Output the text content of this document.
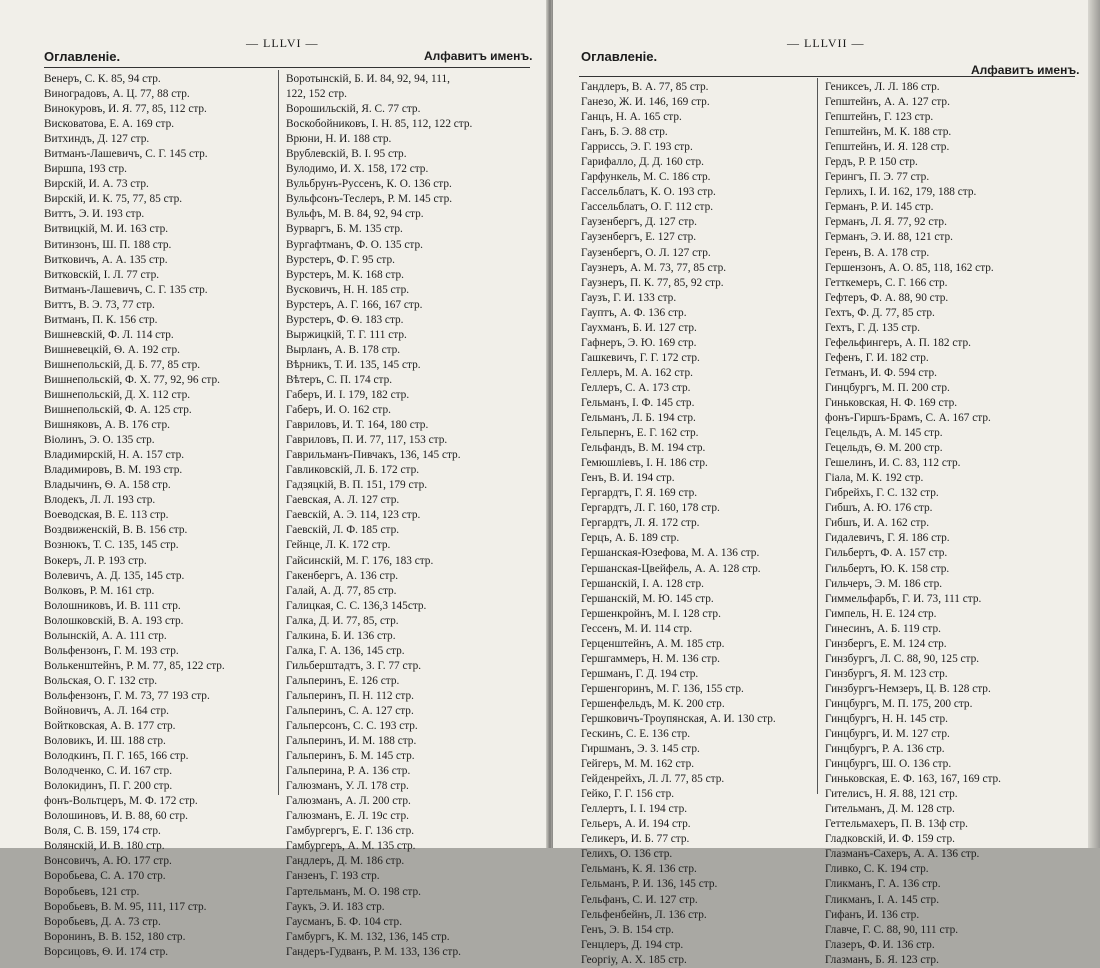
— LLLVI —
Оглавленіе.	Алфавитъ именъ.
Венеръ, С. К. 85, 94 стр.
Виноградовъ, А. Ц. 77, 88 стр.
Винокуровъ, И. Я. 77, 85, 112 стр.
Висковатова, Е. А. 169 стр.
Витхиндъ, Д. 127 стр.
Витманъ-Лашевичъ, С. Г. 145 стр.
Виршпа, 193 стр.
Вирскій, И. А. 73 стр.
Вирскій, И. К. 75, 77, 85 стр.
Виттъ, Э. И. 193 стр.
Витвицкій, М. И. 163 стр.
Витинзонъ, Ш. П. 188 стр.
Витковичъ, А. А. 135 стр.
Витковскій, І. Л. 77 стр.
Витманъ-Лашевичъ, С. Г. 135 стр.
Виттъ, В. Э. 73, 77 стр.
Витманъ, П. К. 156 стр.
Вишневскій, Ф. Л. 114 стр.
Вишневецкій, Ѳ. А. 192 стр.
Вишнепольскій, Д. Б. 77, 85 стр.
Вишнепольскій, Ф. Х. 77, 92, 96 стр.
Вишнепольскій, Д. Х. 112 стр.
Вишнепольскій, Ф. А. 125 стр.
Вишняковъ, А. В. 176 стр.
Віолинъ, Э. О. 135 стр.
Владимирскій, Н. А. 157 стр.
Владимировъ, В. М. 193 стр.
Владычинъ, Ѳ. А. 158 стр.
Влодекъ, Л. Л. 193 стр.
Воеводская, В. Е. 113 стр.
Воздвиженскій, В. В. 156 стр.
Вознюкъ, Т. С. 135, 145 стр.
Вокеръ, Л. Р. 193 стр.
Волевичъ, А. Д. 135, 145 стр.
Волковъ, Р. М. 161 стр.
Волошниковъ, И. В. 111 стр.
Волошковскій, В. А. 193 стр.
Волынскій, А. А. 111 стр.
Вольфензонъ, Г. М. 193 стр.
Волькенштейнъ, Р. М. 77, 85, 122 стр.
Вольская, О. Г. 132 стр.
Вольфензонъ, Г. М. 73, 77 193 стр.
Войновичъ, А. Л. 164 стр.
Войтковская, А. В. 177 стр.
Воловикъ, И. Ш. 188 стр.
Володкинъ, П. Г. 165, 166 стр.
Володченко, С. И. 167 стр.
Волокидинъ, П. Г. 200 стр.
фонъ-Вольтцеръ, М. Ф. 172 стр.
Волошиновъ, И. В. 88, 60 стр.
Воля, С. В. 159, 174 стр.
Волянскій, И. В. 180 стр.
Вонсовичъ, А. Ю. 177 стр.
Воробьева, С. А. 170 стр.
Воробьевъ, 121 стр.
Воробьевъ, В. М. 95, 111, 117 стр.
Воробьевъ, Д. А. 73 стр.
Воронинъ, В. В. 152, 180 стр.
Ворсицовъ, Ѳ. И. 174 стр.
Воротынскій, Б. И. 84, 92, 94, 111,
122, 152 стр.
Ворошильскій, Я. С. 77 стр.
Воскобойниковъ, І. Н. 85, 112, 122 стр.
Врюни, Н. И. 188 стр.
Врублевскій, В. І. 95 стр.
Вулодимо, И. Х. 158, 172 стр.
Вульбрунъ-Руссенъ, К. О. 136 стр.
Вульфсонъ-Теслеръ, Р. М. 145 стр.
Вульфъ, М. В. 84, 92, 94 стр.
Вурваргъ, Б. М. 135 стр.
Вургафтманъ, Ф. О. 135 стр.
Вурстеръ, Ф. Г. 95 стр.
Вурстеръ, М. К. 168 стр.
Вусковичъ, Н. Н. 185 стр.
Вурстеръ, А. Г. 166, 167 стр.
Вурстеръ, Ф. Ѳ. 183 стр.
Выржицкій, Т. Г. 111 стр.
Вырланъ, А. В. 178 стр.
Вѣрникъ, Т. И. 135, 145 стр.
Вѣтеръ, С. П. 174 стр.
Габеръ, И. І. 179, 182 стр.
Габеръ, И. О. 162 стр.
Гавриловъ, И. Т. 164, 180 стр.
Гавриловъ, П. И. 77, 117, 153 стр.
Гаврильманъ-Пивчакъ, 136, 145 стр.
Гавликовскій, Л. Б. 172 стр.
Гадзяцкій, В. П. 151, 179 стр.
Гаевская, А. Л. 127 стр.
Гаевскій, А. Э. 114, 123 стр.
Гаевскій, Л. Ф. 185 стр.
Гейнце, Л. К. 172 стр.
Гайсинскій, М. Г. 176, 183 стр.
Гакенбергъ, А. 136 стр.
Галай, А. Д. 77, 85 стр.
Галицкая, С. С. 136,3 145стр.
Галка, Д. И. 77, 85, стр.
Галкина, Б. И. 136 стр.
Галка, Г. А. 136, 145 стр.
Гильберштадтъ, З. Г. 77 стр.
Гальперинъ, Е. 126 стр.
Гальперинъ, П. Н. 112 стр.
Гальперинъ, С. А. 127 стр.
Гальперсонъ, С. С. 193 стр.
Гальперинъ, И. М. 188 стр.
Гальперинъ, Б. М. 145 стр.
Гальперина, Р. А. 136 стр.
Галюзманъ, У. Л. 178 стр.
Галюзманъ, А. Л. 200 стр.
Галюзманъ, Е. Л. 19с стр.
Гамбургергъ, Е. Г. 136 стр.
Гамбургеръ, А. М. 135 стр.
Гандлеръ, Д. М. 186 стр.
Ганзенъ, Г. 193 стр.
Гартельманъ, М. О. 198 стр.
Гаукъ, Э. И. 183 стр.
Гаусманъ, Б. Ф. 104 стр.
Гамбургъ, К. М. 132, 136, 145 стр.
Гандеръ-Гудванъ, Р. М. 133, 136 стр.
— LLLVII —
Оглавленіе.
Алфавитъ именъ.
Гандлеръ, В. А. 77, 85 стр.
Ганезо, Ж. И. 146, 169 стр.
Ганцъ, Н. А. 165 стр.
Ганъ, Б. Э. 88 стр.
Гаррисcь, Э. Г. 193 стр.
Гарифалло, Д. Д. 160 стр.
Гарфункель, М. С. 186 стр.
Гассельблатъ, К. О. 193 стр.
Гассельблатъ, О. Г. 112 стр.
Гаузенбергъ, Д. 127 стр.
Гаузенбергъ, Е. 127 стр.
Гаузенбергъ, О. Л. 127 стр.
Гаузнеръ, А. М. 73, 77, 85 стр.
Гаузнеръ, П. К. 77, 85, 92 стр.
Гаузъ, Г. И. 133 стр.
Гауптъ, А. Ф. 136 стр.
Гаухманъ, Б. И. 127 стр.
Гафнеръ, Э. Ю. 169 стр.
Гашкевичъ, Г. Г. 172 стр.
Геллеръ, М. А. 162 стр.
Геллеръ, С. А. 173 стр.
Гельманъ, І. Ф. 145 стр.
Гельманъ, Л. Б. 194 стр.
Гельпернъ, Е. Г. 162 стр.
Гельфандъ, В. М. 194 стр.
Гемюшліевъ, І. Н. 186 стр.
Генъ, В. И. 194 стр.
Гергардтъ, Г. Я. 169 стр.
Гергардтъ, Л. Г. 160, 178 стр.
Гергардтъ, Л. Я. 172 стр.
Герцъ, А. Б. 189 стр.
Гершанская-Юзефова, М. А. 136 стр.
Гершанская-Цвейфель, А. А. 128 стр.
Гершанскій, І. А. 128 стр.
Гершанскій, М. Ю. 145 стр.
Гершенкройнъ, М. І. 128 стр.
Гессенъ, М. И. 114 стр.
Герценштейнъ, А. М. 185 стр.
Гершгаммеръ, Н. М. 136 стр.
Гершманъ, Г. Д. 194 стр.
Гершенгоринъ, М. Г. 136, 155 стр.
Гершенфельдъ, М. К. 200 стр.
Гершковичъ-Троупянская, А. И. 130 стр.
Гескинъ, С. Е. 136 стр.
Гиршманъ, Э. З. 145 стр.
Гейгеръ, М. М. 162 стр.
Гейденрейхъ, Л. Л. 77, 85 стр.
Гейко, Г. Г. 156 стр.
Геллертъ, І. І. 194 стр.
Гельеръ, А. И. 194 стр.
Геликеръ, И. Б. 77 стр.
Гелихъ, О. 136 стр.
Гельманъ, К. Я. 136 стр.
Гельманъ, Р. И. 136, 145 стр.
Гельфанъ, С. И. 127 стр.
Гельфенбейнъ, Л. 136 стр.
Генъ, Э. В. 154 стр.
Генцлеръ, Д. 194 стр.
Георгіу, А. Х. 185 стр.
Гениксеъ, Л. Л. 186 стр.
Гепштейнъ, А. А. 127 стр.
Гепштейнъ, Г. 123 стр.
Гепштейнъ, М. К. 188 стр.
Гепштейнъ, И. Я. 128 стр.
Гердъ, Р. Р. 150 стр.
Герингъ, П. Э. 77 стр.
Герлихъ, І. И. 162, 179, 188 стр.
Германъ, Р. И. 145 стр.
Германъ, Л. Я. 77, 92 стр.
Германъ, Э. И. 88, 121 стр.
Геренъ, В. А. 178 стр.
Гершензонъ, А. О. 85, 118, 162 стр.
Гетткемеръ, С. Г. 166 стр.
Гефтеръ, Ф. А. 88, 90 стр.
Гехтъ, Ф. Д. 77, 85 стр.
Гехтъ, Г. Д. 135 стр.
Гефельфингеръ, А. П. 182 стр.
Гефенъ, Г. И. 182 стр.
Гетманъ, И. Ф. 594 стр.
Гинцбургъ, М. П. 200 стр.
Гиньковская, Н. Ф. 169 стр.
фонъ-Гиршъ-Брамъ, С. А. 167 стр.
Гецельдъ, А. М. 145 стр.
Гецельдъ, Ѳ. М. 200 стр.
Гешелинъ, И. С. 83, 112 стр.
Гіала, М. К. 192 стр.
Гибрейхъ, Г. С. 132 стр.
Гибшъ, А. Ю. 176 стр.
Гибшъ, И. А. 162 стр.
Гидалевичъ, Г. Я. 186 стр.
Гильбертъ, Ф. А. 157 стр.
Гильбертъ, Ю. К. 158 стр.
Гильчеръ, Э. М. 186 стр.
Гиммельфарбъ, Г. И. 73, 111 стр.
Гимпель, Н. Е. 124 стр.
Гинесинъ, А. Б. 119 стр.
Гинзбергъ, Е. М. 124 стр.
Гинзбургъ, Л. С. 88, 90, 125 стр.
Гинзбургъ, Я. М. 123 стр.
Гинзбургъ-Немзеръ, Ц. В. 128 стр.
Гинцбургъ, М. П. 175, 200 стр.
Гинцбургъ, Н. Н. 145 стр.
Гинцбургъ, И. М. 127 стр.
Гинцбургъ, Р. А. 136 стр.
Гинцбургъ, Ш. О. 136 стр.
Гиньковская, Е. Ф. 163, 167, 169 стр.
Гителисъ, Н. Я. 88, 121 стр.
Гительманъ, Д. М. 128 стр.
Геттельмахеръ, П. В. 13ф стр.
Гладковскій, И. Ф. 159 стр.
Глазманъ-Сахеръ, А. А. 136 стр.
Гливко, С. К. 194 стр.
Гликманъ, Г. А. 136 стр.
Гликманъ, І. А. 145 стр.
Гифанъ, И. 136 стр.
Главче, Г. С. 88, 90, 111 стр.
Глазеръ, Ф. И. 136 стр.
Глазманъ, Б. Я. 123 стр.
